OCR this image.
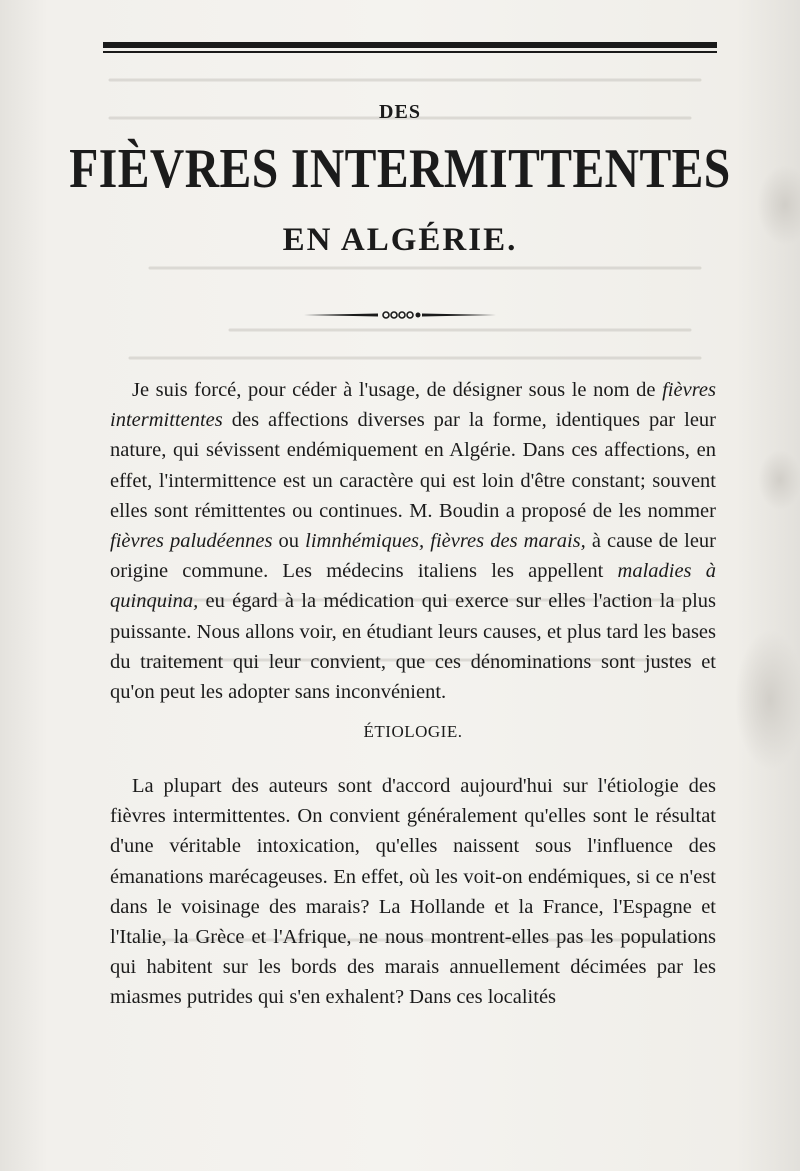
DES
FIÈVRES INTERMITTENTES
EN ALGÉRIE.

Je suis forcé, pour céder à l'usage, de désigner sous le nom de fièvres intermittentes des affections diverses par la forme, identiques par leur nature, qui sévissent endémiquement en Algérie. Dans ces affections, en effet, l'intermittence est un caractère qui est loin d'être constant; souvent elles sont rémittentes ou continues. M. Boudin a proposé de les nommer fièvres paludéennes ou limnhémiques, fièvres des marais, à cause de leur origine commune. Les médecins italiens les appellent maladies à quinquina, eu égard à la médication qui exerce sur elles l'action la plus puissante. Nous allons voir, en étudiant leurs causes, et plus tard les bases du traitement qui leur convient, que ces dénominations sont justes et qu'on peut les adopter sans inconvénient.

ÉTIOLOGIE.

La plupart des auteurs sont d'accord aujourd'hui sur l'étiologie des fièvres intermittentes. On convient généralement qu'elles sont le résultat d'une véritable intoxication, qu'elles naissent sous l'influence des émanations marécageuses. En effet, où les voit-on endémiques, si ce n'est dans le voisinage des marais? La Hollande et la France, l'Espagne et l'Italie, la Grèce et l'Afrique, ne nous montrent-elles pas les populations qui habitent sur les bords des marais annuellement décimées par les miasmes putrides qui s'en exhalent? Dans ces localités
